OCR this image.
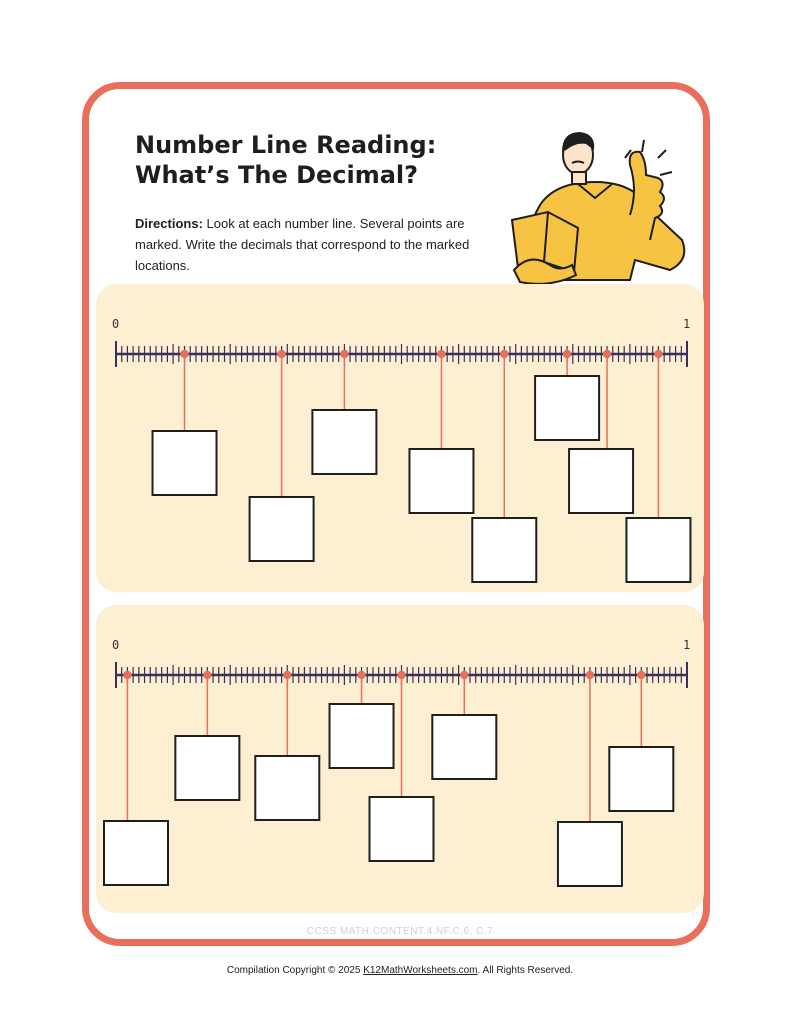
Number Line Reading:
What’s The Decimal?
Directions: Look at each number line. Several points are marked. Write the decimals that correspond to the marked locations.
0	1
0	1
CCSS.MATH.CONTENT.4.NF.C.6, C.7
Compilation Copyright © 2025 K12MathWorksheets.com. All Rights Reserved.
